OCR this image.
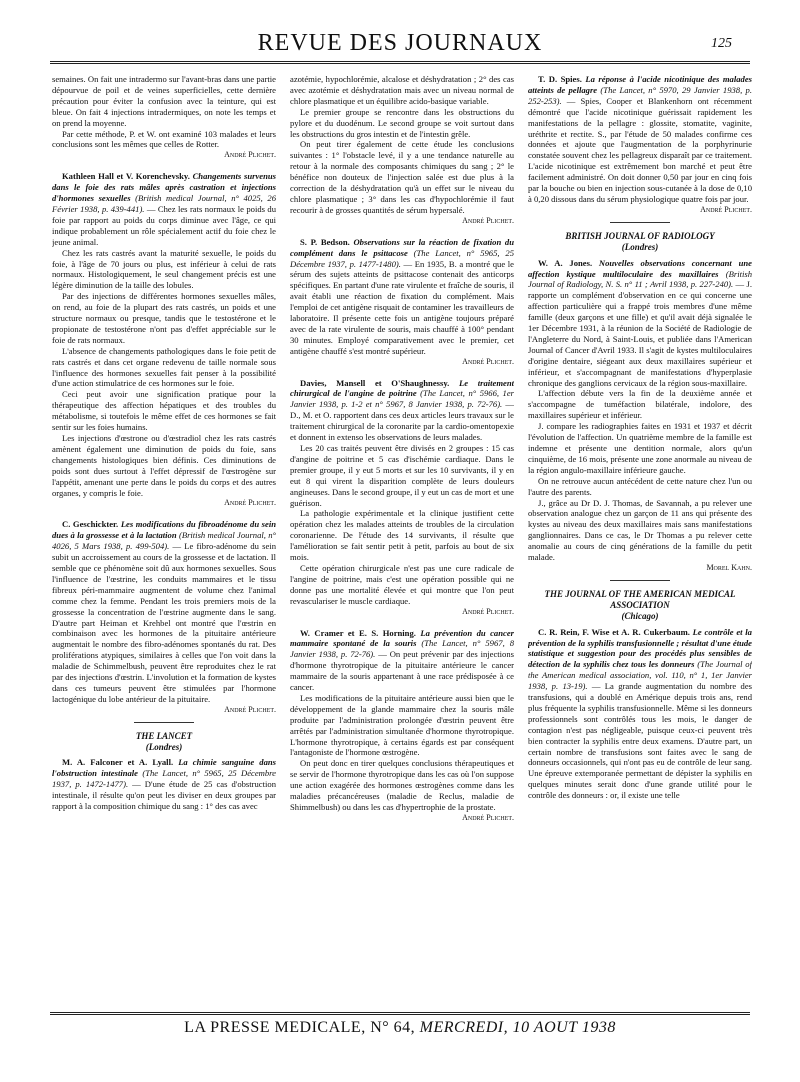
REVUE DES JOURNAUX	125

semaines. On fait une intradermo sur l'avant-bras dans une partie dépourvue de poil et de veines superficielles, cette dernière précaution pour éviter la confusion avec la teinture, qui est bleue. On fait 4 injections intradermiques, on note les temps et on prend la moyenne.

Par cette méthode, P. et W. ont examiné 103 malades et leurs conclusions sont les mêmes que celles de Rotter.

André Plichet.

Kathleen Hall et V. Korenchevsky. Changements survenus dans le foie des rats mâles après castration et injections d'hormones sexuelles (British medical Journal, n° 4025, 26 Février 1938, p. 439-441). — Chez les rats normaux le poids du foie par rapport au poids du corps diminue avec l'âge, ce qui indique probablement un rôle spécialement actif du foie chez le jeune animal.

Chez les rats castrés avant la maturité sexuelle, le poids du foie, à l'âge de 70 jours ou plus, est inférieur à celui de rats normaux. Histologiquement, le seul changement précis est une légère diminution de la taille des lobules.

Par des injections de différentes hormones sexuelles mâles, on rend, au foie de la plupart des rats castrés, un poids et une structure normaux ou presque, tandis que le testostérone et le propionate de testostérone n'ont pas d'effet appréciable sur le foie de rats normaux.

L'absence de changements pathologiques dans le foie petit de rats castrés et dans cet organe redevenu de taille normale sous l'influence des hormones sexuelles fait penser à la possibilité d'une action stimulatrice de ces hormones sur le foie.

Ceci peut avoir une signification pratique pour la thérapeutique des affection hépatiques et des troubles du métabolisme, si toutefois le même effet de ces hormones se fait sentir sur les foies humains.

Les injections d'œstrone ou d'œstradiol chez les rats castrés amènent également une diminution de poids du foie, sans changements histologiques bien définis. Ces diminutions de poids sont dues surtout à l'effet dépressif de l'œstrogène sur l'appétit, amenant une perte dans le poids du corps et des autres organes, y compris le foie.

André Plichet.

C. Geschickter. Les modifications du fibroadénome du sein dues à la grossesse et à la lactation (British medical Journal, n° 4026, 5 Mars 1938, p. 499-504). — Le fibro-adénome du sein subit un accroissement au cours de la grossesse et de lactation. Il semble que ce phénomène soit dû aux hormones sexuelles. Sous l'influence de l'œstrine, les conduits mammaires et le tissu fibreux péri-mammaire augmentent de volume chez l'animal comme chez la femme. Pendant les trois premiers mois de la grossesse la concentration de l'œstrine augmente dans le sang. D'autre part Heiman et Krehbel ont montré que l'œstrin en combinaison avec les hormones de la pituitaire antérieure augmentait le nombre des fibro-adénomes spontanés du rat. Des proliférations atypiques, similaires à celles que l'on voit dans la maladie de Schimmelbush, peuvent être reproduites chez le rat par des injections d'œstrin. L'involution et la formation de kystes dans ces tumeurs peuvent être stimulées par l'hormone lactogénique du lobe antérieur de la pituitaire.

André Plichet.

THE LANCET
(Londres)

M. A. Falconer et A. Lyall. La chimie sanguine dans l'obstruction intestinale (The Lancet, n° 5965, 25 Décembre 1937, p. 1472-1477). — D'une étude de 25 cas d'obstruction intestinale, il résulte qu'on peut les diviser en deux groupes par rapport à la composition chimique du sang : 1° des cas avec

azotémie, hypochlorémie, alcalose et déshydratation ; 2° des cas avec azotémie et déshydratation mais avec un niveau normal de chlore plasmatique et un équilibre acido-basique variable.

Le premier groupe se rencontre dans les obstructions du pylore et du duodénum. Le second groupe se voit surtout dans les obstructions du gros intestin et de l'intestin grêle.

On peut tirer également de cette étude les conclusions suivantes : 1° l'obstacle levé, il y a une tendance naturelle au retour à la normale des composants chimiques du sang ; 2° le bénéfice non douteux de l'injection salée est due plus à la correction de la déshydratation qu'à un effet sur le niveau du chlore plasmatique ; 3° dans les cas d'hypochlorémie il faut recourir à de grosses quantités de sérum hypersalé.

André Plichet.

S. P. Bedson. Observations sur la réaction de fixation du complément dans le psittacose (The Lancet, n° 5965, 25 Décembre 1937, p. 1477-1480). — En 1935, B. a montré que le sérum des sujets atteints de psittacose contenait des anticorps spécifiques. En partant d'une rate virulente et fraîche de souris, il avait établi une réaction de fixation du complément. Mais l'emploi de cet antigène risquait de contaminer les travailleurs de laboratoire. Il présente cette fois un antigène toujours préparé avec de la rate virulente de souris, mais chauffé à 100° pendant 30 minutes. Employé comparativement avec le premier, cet antigène chauffé s'est montré supérieur.

André Plichet.

Davies, Mansell et O'Shaughnessy. Le traitement chirurgical de l'angine de poitrine (The Lancet, n° 5966, 1er Janvier 1938, p. 1-2 et n° 5967, 8 Janvier 1938, p. 72-76). — D., M. et O. rapportent dans ces deux articles leurs travaux sur le traitement chirurgical de la coronarite par la cardio-omentopexie et donnent in extenso les observations de leurs malades.

Les 20 cas traités peuvent être divisés en 2 groupes : 15 cas d'angine de poitrine et 5 cas d'ischémie cardiaque. Dans le premier groupe, il y eut 5 morts et sur les 10 survivants, il y en eut 8 qui virent la disparition complète de leurs douleurs angineuses. Dans le second groupe, il y eut un cas de mort et une guérison.

La pathologie expérimentale et la clinique justifient cette opération chez les malades atteints de troubles de la circulation coronarienne. De l'étude des 14 survivants, il résulte que l'amélioration se fait sentir petit à petit, parfois au bout de six mois.

Cette opération chirurgicale n'est pas une cure radicale de l'angine de poitrine, mais c'est une opération possible qui ne donne pas une mortalité élevée et qui montre que l'on peut revasculariser le muscle cardiaque.

André Plichet.

W. Cramer et E. S. Horning. La prévention du cancer mammaire spontané de la souris (The Lancet, n° 5967, 8 Janvier 1938, p. 72-76). — On peut prévenir par des injections d'hormone thyrotropique de la pituitaire antérieure le cancer mammaire de la souris appartenant à une race prédisposée à ce cancer.

Les modifications de la pituitaire antérieure aussi bien que le développement de la glande mammaire chez la souris mâle produite par l'administration prolongée d'œstrin peuvent être arrêtés par l'administration simultanée d'hormone thyrotropique. L'hormone thyrotropique, à certains égards est par conséquent l'antagoniste de l'hormone œstrogène.

On peut donc en tirer quelques conclusions thérapeutiques et se servir de l'hormone thyrotropique dans les cas où l'on suppose une action exagérée des hormones œstrogènes comme dans les maladies précancéreuses (maladie de Reclus, maladie de Shimmelbush) ou dans les cas d'hypertrophie de la prostate.

André Plichet.

T. D. Spies. La réponse à l'acide nicotinique des malades atteints de pellagre (The Lancet, n° 5970, 29 Janvier 1938, p. 252-253). — Spies, Cooper et Blankenhorn ont récemment démontré que l'acide nicotinique guérissait rapidement les manifestations de la pellagre : glossite, stomatite, vaginite, uréthrite et rectite. S., par l'étude de 50 malades confirme ces données et ajoute que l'augmentation de la porphyrinurie constatée souvent chez les pellagreux disparaît par ce traitement. L'acide nicotinique est extrêmement bon marché et peut être facilement administré. On doit donner 0,50 par jour en cinq fois par la bouche ou bien en injection sous-cutanée à la dose de 0,10 à 0,20 dissous dans du sérum physiologique quatre fois par jour.

André Plichet.

BRITISH JOURNAL OF RADIOLOGY
(Londres)

W. A. Jones. Nouvelles observations concernant une affection kystique multiloculaire des maxillaires (British Journal of Radiology, N. S. n° 11 ; Avril 1938, p. 227-240). — J. rapporte un complément d'observation en ce qui concerne une affection particulière qui a frappé trois membres d'une même famille (deux garçons et une fille) et qu'il avait déjà signalée le 1er Décembre 1931, à la réunion de la Société de Radiologie de l'Angleterre du Nord, à Saint-Louis, et publiée dans l'American Journal of Cancer d'Avril 1933. Il s'agit de kystes multiloculaires d'origine dentaire, siégeant aux deux maxillaires supérieur et inférieur, et s'accompagnant de manifestations d'hyperplasie chronique des ganglions cervicaux de la région sous-maxillaire.

L'affection débute vers la fin de la deuxième année et s'accompagne de tuméfaction bilatérale, indolore, des maxillaires supérieur et inférieur.

J. compare les radiographies faites en 1931 et 1937 et décrit l'évolution de l'affection. Un quatrième membre de la famille est indemne et présente une dentition normale, alors qu'un cinquième, de 16 mois, présente une zone anormale au niveau de la région angulo-maxillaire inférieure gauche.

On ne retrouve aucun antécédent de cette nature chez l'un ou l'autre des parents.

J., grâce au Dr D. J. Thomas, de Savannah, a pu relever une observation analogue chez un garçon de 11 ans qui présente des kystes au niveau des deux maxillaires mais sans manifestations ganglionnaires. Dans ce cas, le Dr Thomas a pu relever cette anomalie au cours de cinq générations de la famille du petit malade.

Morel Kahn.

THE JOURNAL OF THE AMERICAN MEDICAL ASSOCIATION
(Chicago)

C. R. Rein, F. Wise et A. R. Cukerbaum. Le contrôle et la prévention de la syphilis transfusionnelle ; résultat d'une étude statistique et suggestion pour des procédés plus sensibles de détection de la syphilis chez tous les donneurs (The Journal of the American medical association, vol. 110, n° 1, 1er Janvier 1938, p. 13-19). — La grande augmentation du nombre des transfusions, qui a doublé en Amérique depuis trois ans, rend plus fréquente la syphilis transfusionnelle. Même si les donneurs professionnels sont contrôlés tous les mois, le danger de contagion n'est pas négligeable, puisque ceux-ci peuvent très bien contracter la syphilis entre deux examens. D'autre part, un certain nombre de transfusions sont faites avec le sang de donneurs occasionnels, qui n'ont pas eu de contrôle de leur sang. Une épreuve extemporanée permettant de dépister la syphilis en quelques minutes serait donc d'une grande utilité pour le contrôle des donneurs : or, il existe une telle

LA PRESSE MEDICALE, N° 64, MERCREDI, 10 AOUT 1938
